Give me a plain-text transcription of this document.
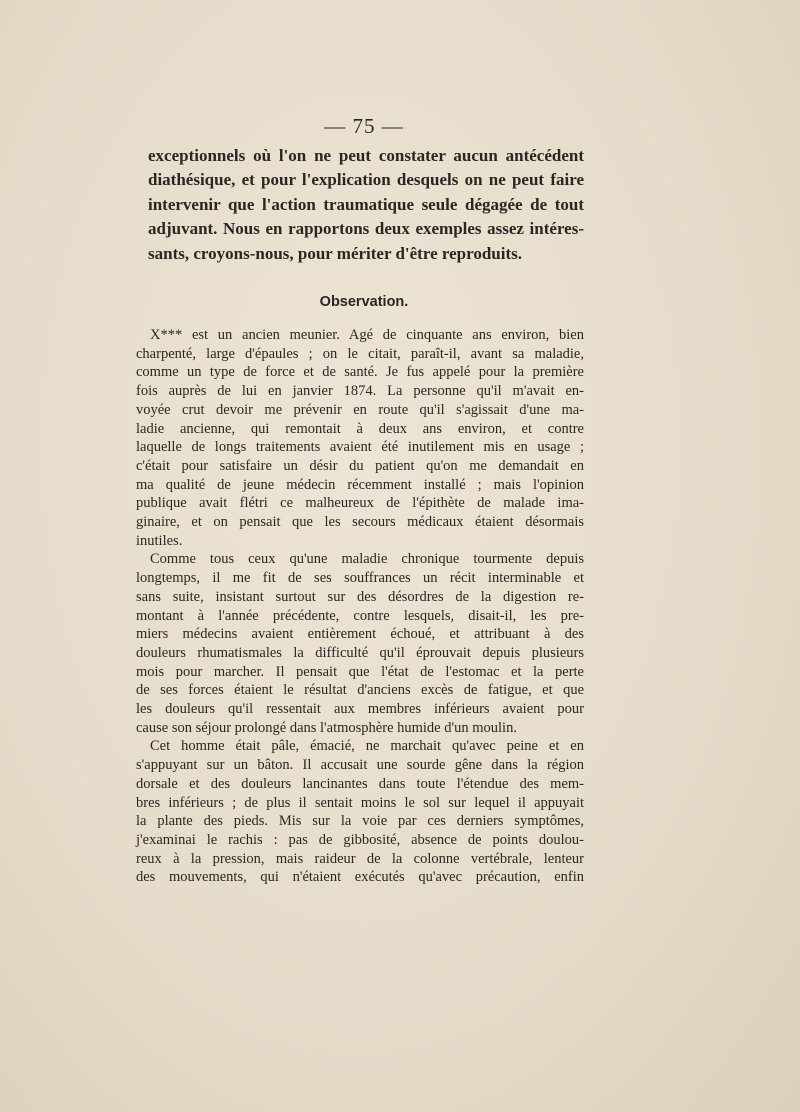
— 75 —
exceptionnels où l'on ne peut constater aucun antécédent
diathésique, et pour l'explication desquels on ne peut faire
intervenir que l'action traumatique seule dégagée de tout
adjuvant. Nous en rapportons deux exemples assez intéres-
sants, croyons-nous, pour mériter d'être reproduits.
Observation.
X*** est un ancien meunier. Agé de cinquante ans environ, bien
charpenté, large d'épaules ; on le citait, paraît-il, avant sa maladie,
comme un type de force et de santé. Je fus appelé pour la première
fois auprès de lui en janvier 1874. La personne qu'il m'avait en-
voyée crut devoir me prévenir en route qu'il s'agissait d'une ma-
ladie ancienne, qui remontait à deux ans environ, et contre
laquelle de longs traitements avaient été inutilement mis en usage ;
c'était pour satisfaire un désir du patient qu'on me demandait en
ma qualité de jeune médecin récemment installé ; mais l'opinion
publique avait flétri ce malheureux de l'épithète de malade ima-
ginaire, et on pensait que les secours médicaux étaient désormais
inutiles.
Comme tous ceux qu'une maladie chronique tourmente depuis
longtemps, il me fit de ses souffrances un récit interminable et
sans suite, insistant surtout sur des désordres de la digestion re-
montant à l'année précédente, contre lesquels, disait-il, les pre-
miers médecins avaient entièrement échoué, et attribuant à des
douleurs rhumatismales la difficulté qu'il éprouvait depuis plusieurs
mois pour marcher. Il pensait que l'état de l'estomac et la perte
de ses forces étaient le résultat d'anciens excès de fatigue, et que
les douleurs qu'il ressentait aux membres inférieurs avaient pour
cause son séjour prolongé dans l'atmosphère humide d'un moulin.
Cet homme était pâle, émacié, ne marchait qu'avec peine et en
s'appuyant sur un bâton. Il accusait une sourde gêne dans la région
dorsale et des douleurs lancinantes dans toute l'étendue des mem-
bres inférieurs ; de plus il sentait moins le sol sur lequel il appuyait
la plante des pieds. Mis sur la voie par ces derniers symptômes,
j'examinai le rachis : pas de gibbosité, absence de points doulou-
reux à la pression, mais raideur de la colonne vertébrale, lenteur
des mouvements, qui n'étaient exécutés qu'avec précaution, enfin
